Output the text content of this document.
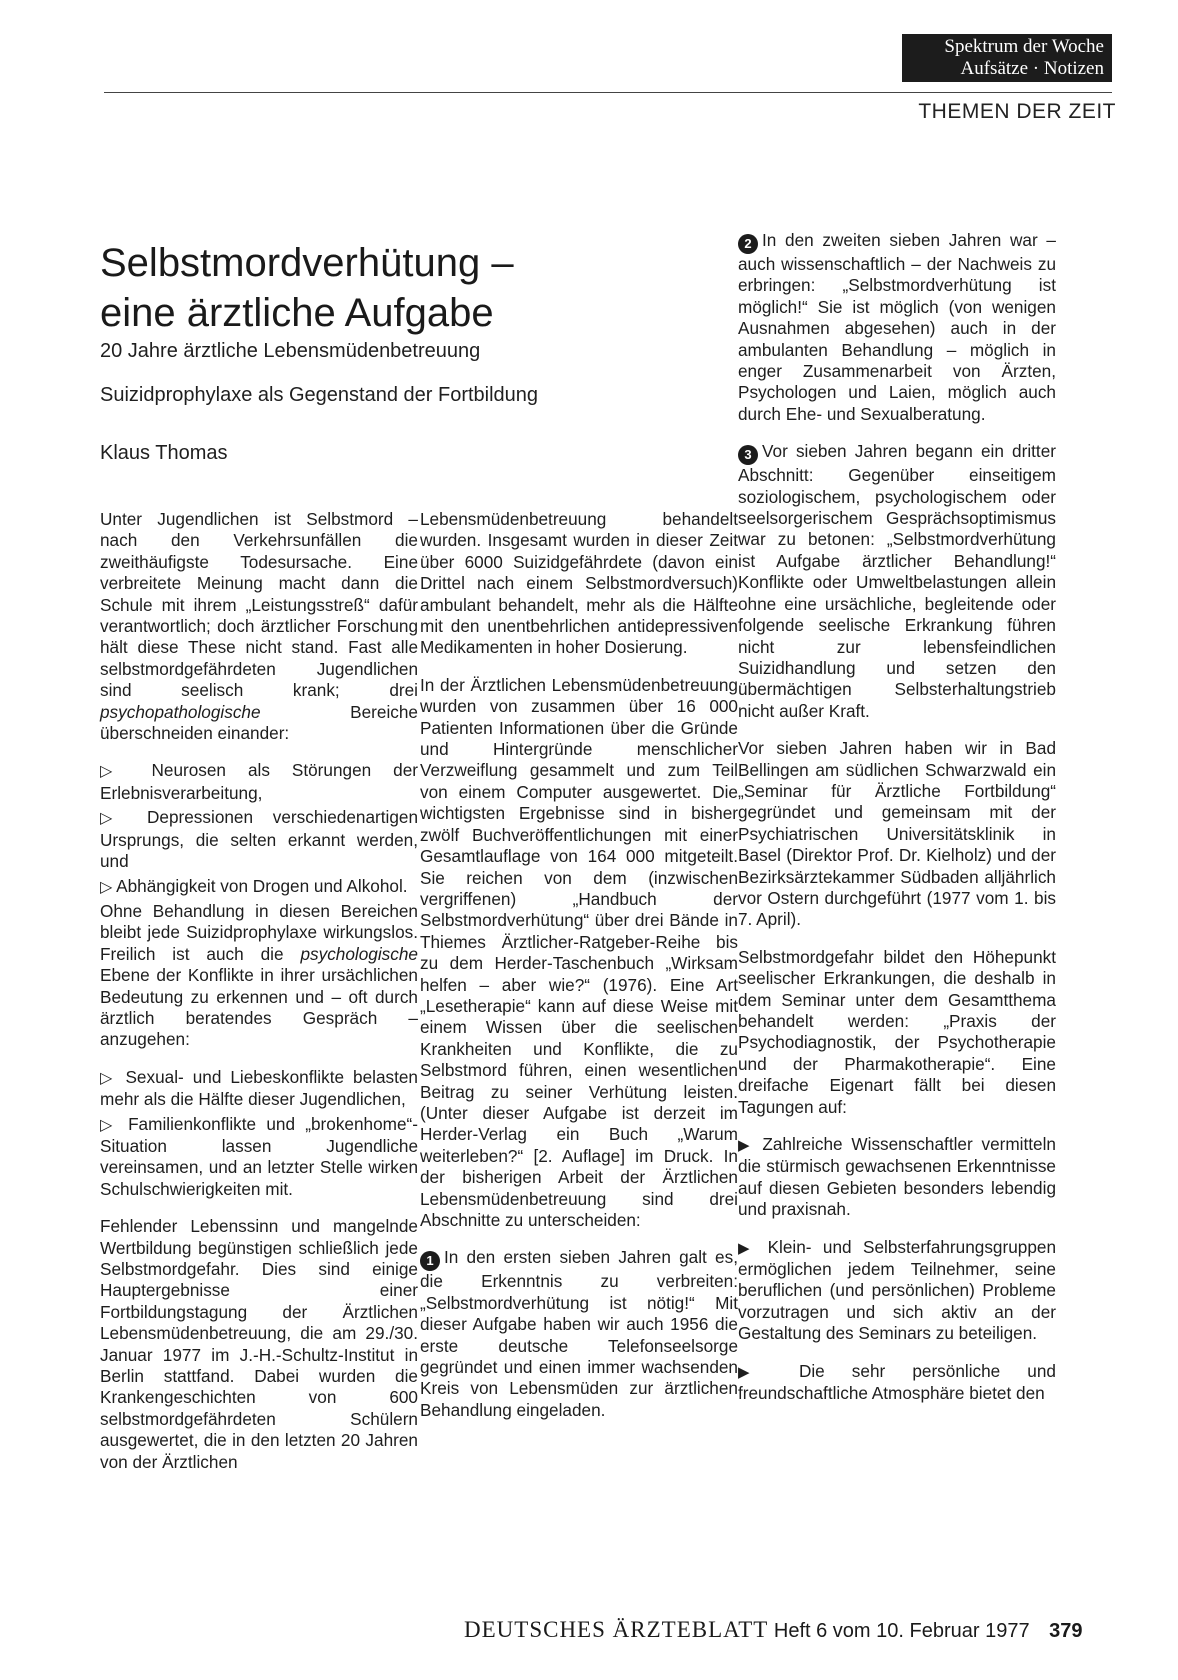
Spektrum der Woche
Aufsätze · Notizen
THEMEN DER ZEIT
Selbstmordverhütung –
eine ärztliche Aufgabe
20 Jahre ärztliche Lebensmüdenbetreuung
Suizidprophylaxe als Gegenstand der Fortbildung
Klaus Thomas

Unter Jugendlichen ist Selbstmord – nach den Verkehrsunfällen die zweithäufigste Todesursache. Eine verbreitete Meinung macht dann die Schule mit ihrem „Leistungsstreß“ dafür verantwortlich; doch ärztlicher Forschung hält diese These nicht stand. Fast alle selbstmordgefährdeten Jugendlichen sind seelisch krank; drei psychopathologische Bereiche überschneiden einander:

▷ Neurosen als Störungen der Erlebnisverarbeitung,

▷ Depressionen verschiedenartigen Ursprungs, die selten erkannt werden, und

▷ Abhängigkeit von Drogen und Alkohol.

Ohne Behandlung in diesen Bereichen bleibt jede Suizidprophylaxe wirkungslos. Freilich ist auch die psychologische Ebene der Konflikte in ihrer ursächlichen Bedeutung zu erkennen und – oft durch ärztlich beratendes Gespräch – anzugehen:

▷ Sexual- und Liebeskonflikte belasten mehr als die Hälfte dieser Jugendlichen,

▷ Familienkonflikte und „brokenhome“-Situation lassen Jugendliche vereinsamen, und an letzter Stelle wirken Schulschwierigkeiten mit.

Fehlender Lebenssinn und mangelnde Wertbildung begünstigen schließlich jede Selbstmordgefahr. Dies sind einige Hauptergebnisse einer Fortbildungstagung der Ärztlichen Lebensmüdenbetreuung, die am 29./30. Januar 1977 im J.-H.-Schultz-Institut in Berlin stattfand. Dabei wurden die Krankengeschichten von 600 selbstmordgefährdeten Schülern ausgewertet, die in den letzten 20 Jahren von der Ärztlichen

Lebensmüdenbetreuung behandelt wurden. Insgesamt wurden in dieser Zeit über 6000 Suizidgefährdete (davon ein Drittel nach einem Selbstmordversuch) ambulant behandelt, mehr als die Hälfte mit den unentbehrlichen antidepressiven Medikamenten in hoher Dosierung.

In der Ärztlichen Lebensmüdenbetreuung wurden von zusammen über 16 000 Patienten Informationen über die Gründe und Hintergründe menschlicher Verzweiflung gesammelt und zum Teil von einem Computer ausgewertet. Die wichtigsten Ergebnisse sind in bisher zwölf Buchveröffentlichungen mit einer Gesamtlauflage von 164 000 mitgeteilt. Sie reichen von dem (inzwischen vergriffenen) „Handbuch der Selbstmordverhütung“ über drei Bände in Thiemes Ärztlicher-Ratgeber-Reihe bis zu dem Herder-Taschenbuch „Wirksam helfen – aber wie?“ (1976). Eine Art „Lesetherapie“ kann auf diese Weise mit einem Wissen über die seelischen Krankheiten und Konflikte, die zu Selbstmord führen, einen wesentlichen Beitrag zu seiner Verhütung leisten. (Unter dieser Aufgabe ist derzeit im Herder-Verlag ein Buch „Warum weiterleben?“ [2. Auflage] im Druck. In der bisherigen Arbeit der Ärztlichen Lebensmüdenbetreuung sind drei Abschnitte zu unterscheiden:

1 In den ersten sieben Jahren galt es, die Erkenntnis zu verbreiten: „Selbstmordverhütung ist nötig!“ Mit dieser Aufgabe haben wir auch 1956 die erste deutsche Telefonseelsorge gegründet und einen immer wachsenden Kreis von Lebensmüden zur ärztlichen Behandlung eingeladen.

2 In den zweiten sieben Jahren war – auch wissenschaftlich – der Nachweis zu erbringen: „Selbstmordverhütung ist möglich!“ Sie ist möglich (von wenigen Ausnahmen abgesehen) auch in der ambulanten Behandlung – möglich in enger Zusammenarbeit von Ärzten, Psychologen und Laien, möglich auch durch Ehe- und Sexualberatung.

3 Vor sieben Jahren begann ein dritter Abschnitt: Gegenüber einseitigem soziologischem, psychologischem oder seelsorgerischem Gesprächsoptimismus war zu betonen: „Selbstmordverhütung ist Aufgabe ärztlicher Behandlung!“ Konflikte oder Umweltbelastungen allein ohne eine ursächliche, begleitende oder folgende seelische Erkrankung führen nicht zur lebensfeindlichen Suizidhandlung und setzen den übermächtigen Selbsterhaltungstrieb nicht außer Kraft.

Vor sieben Jahren haben wir in Bad Bellingen am südlichen Schwarzwald ein „Seminar für Ärztliche Fortbildung“ gegründet und gemeinsam mit der Psychiatrischen Universitätsklinik in Basel (Direktor Prof. Dr. Kielholz) und der Bezirksärztekammer Südbaden alljährlich vor Ostern durchgeführt (1977 vom 1. bis 7. April).

Selbstmordgefahr bildet den Höhepunkt seelischer Erkrankungen, die deshalb in dem Seminar unter dem Gesamtthema behandelt werden: „Praxis der Psychodiagnostik, der Psychotherapie und der Pharmakotherapie“. Eine dreifache Eigenart fällt bei diesen Tagungen auf:

▶ Zahlreiche Wissenschaftler vermitteln die stürmisch gewachsenen Erkenntnisse auf diesen Gebieten besonders lebendig und praxisnah.

▶ Klein- und Selbsterfahrungsgruppen ermöglichen jedem Teilnehmer, seine beruflichen (und persönlichen) Probleme vorzutragen und sich aktiv an der Gestaltung des Seminars zu beteiligen.

▶ Die sehr persönliche und freundschaftliche Atmosphäre bietet den

DEUTSCHES ÄRZTEBLATT Heft 6 vom 10. Februar 1977 379
